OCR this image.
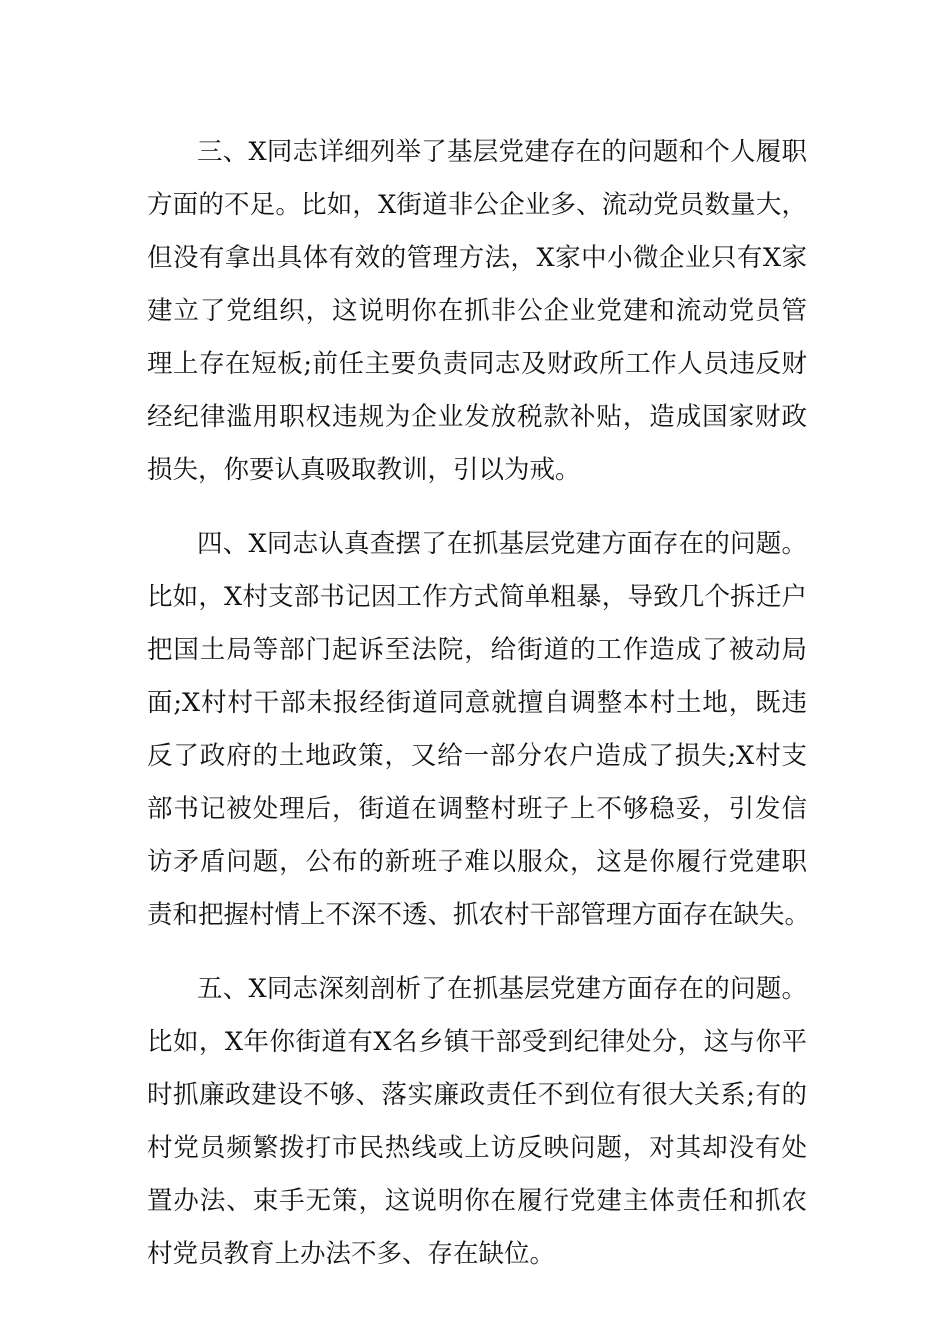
三、X同志详细列举了基层党建存在的问题和个人履职
方面的不足。比如，X街道非公企业多、流动党员数量大，
但没有拿出具体有效的管理方法，X家中小微企业只有X家
建立了党组织，这说明你在抓非公企业党建和流动党员管
理上存在短板;前任主要负责同志及财政所工作人员违反财
经纪律滥用职权违规为企业发放税款补贴，造成国家财政
损失，你要认真吸取教训，引以为戒。
四、X同志认真查摆了在抓基层党建方面存在的问题。
比如，X村支部书记因工作方式简单粗暴，导致几个拆迁户
把国土局等部门起诉至法院，给街道的工作造成了被动局
面;X村村干部未报经街道同意就擅自调整本村土地，既违
反了政府的土地政策，又给一部分农户造成了损失;X村支
部书记被处理后，街道在调整村班子上不够稳妥，引发信
访矛盾问题，公布的新班子难以服众，这是你履行党建职
责和把握村情上不深不透、抓农村干部管理方面存在缺失。
五、X同志深刻剖析了在抓基层党建方面存在的问题。
比如，X年你街道有X名乡镇干部受到纪律处分，这与你平
时抓廉政建设不够、落实廉政责任不到位有很大关系;有的
村党员频繁拨打市民热线或上访反映问题，对其却没有处
置办法、束手无策，这说明你在履行党建主体责任和抓农
村党员教育上办法不多、存在缺位。
